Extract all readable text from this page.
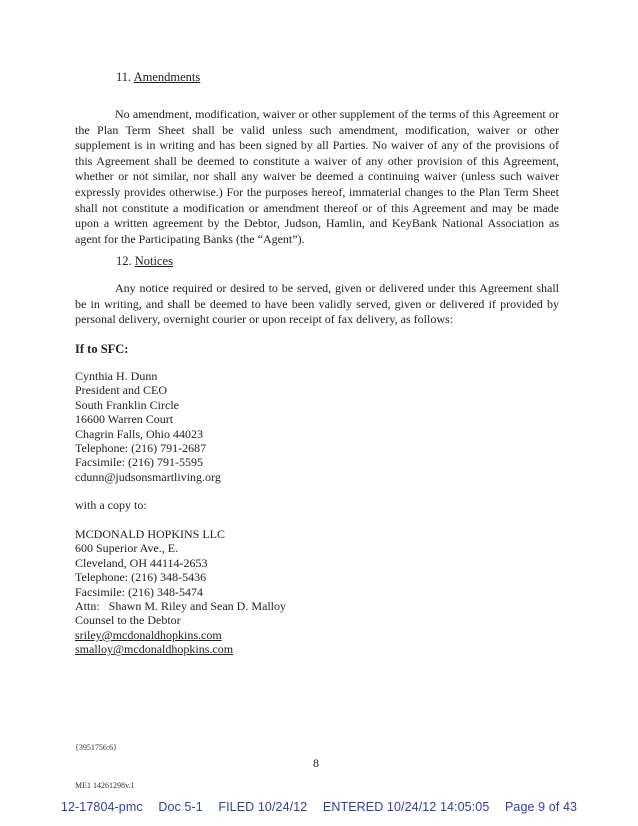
11. Amendments
No amendment, modification, waiver or other supplement of the terms of this Agreement or the Plan Term Sheet shall be valid unless such amendment, modification, waiver or other supplement is in writing and has been signed by all Parties. No waiver of any of the provisions of this Agreement shall be deemed to constitute a waiver of any other provision of this Agreement, whether or not similar, nor shall any waiver be deemed a continuing waiver (unless such waiver expressly provides otherwise.) For the purposes hereof, immaterial changes to the Plan Term Sheet shall not constitute a modification or amendment thereof or of this Agreement and may be made upon a written agreement by the Debtor, Judson, Hamlin, and KeyBank National Association as agent for the Participating Banks (the “Agent”).
12. Notices
Any notice required or desired to be served, given or delivered under this Agreement shall be in writing, and shall be deemed to have been validly served, given or delivered if provided by personal delivery, overnight courier or upon receipt of fax delivery, as follows:
If to SFC:
Cynthia H. Dunn
President and CEO
South Franklin Circle
16600 Warren Court
Chagrin Falls, Ohio 44023
Telephone: (216) 791-2687
Facsimile: (216) 791-5595
cdunn@judsonsmartliving.org
with a copy to:
MCDONALD HOPKINS LLC
600 Superior Ave., E.
Cleveland, OH 44114-2653
Telephone: (216) 348-5436
Facsimile: (216) 348-5474
Attn:   Shawn M. Riley and Sean D. Malloy
Counsel to the Debtor
sriley@mcdonaldhopkins.com
smalloy@mcdonaldhopkins.com
{3951756:6}
8
ME1 14261298v.1
12-17804-pmc Doc 5-1 FILED 10/24/12 ENTERED 10/24/12 14:05:05 Page 9 of 43
